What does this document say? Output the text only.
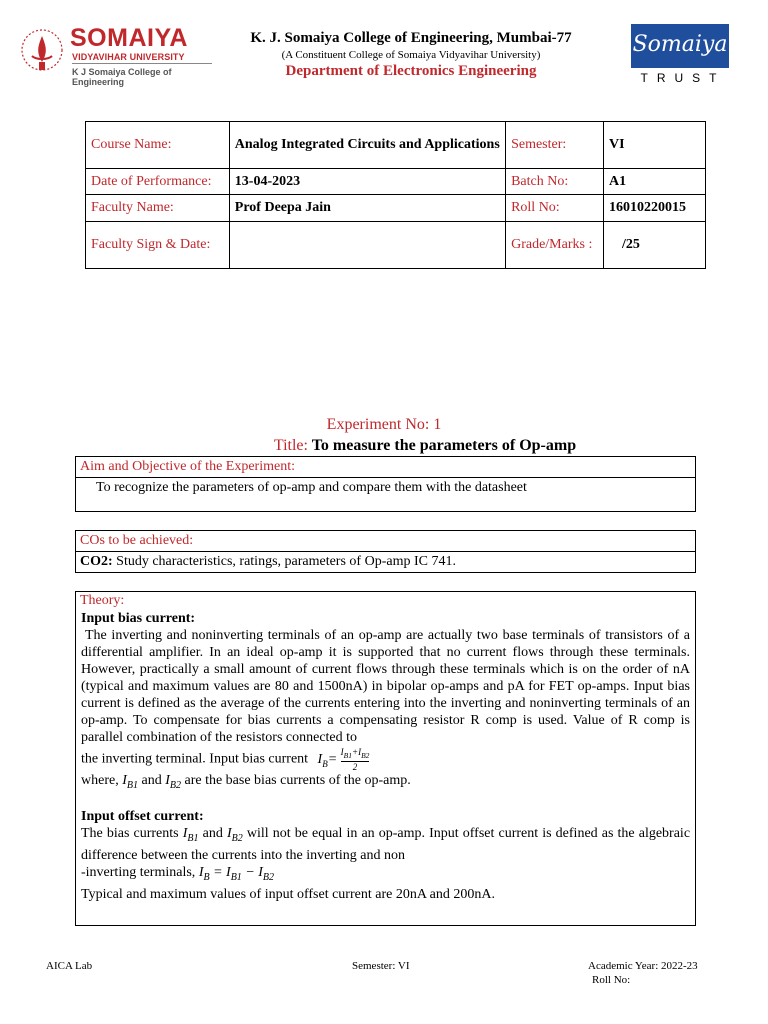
SOMAIYA
VIDYAVIHAR UNIVERSITY
K J Somaiya College of Engineering
K. J. Somaiya College of Engineering, Mumbai-77
(A Constituent College of Somaiya Vidyavihar University)
Department of Electronics Engineering
Somaiya
TRUST
Course Name:	Analog Integrated Circuits and Applications	Semester:	VI
Date of Performance:	13-04-2023	Batch No:	A1
Faculty Name:	Prof Deepa Jain	Roll No:	16010220015
Faculty Sign & Date:		Grade/Marks :	/25
Experiment No: 1
Title: To measure the parameters of Op-amp
Aim and Objective of the Experiment:
To recognize the parameters of op-amp and compare them with the datasheet
COs to be achieved:
CO2: Study characteristics, ratings, parameters of Op-amp IC 741.
Theory:
Input bias current:
The inverting and noninverting terminals of an op-amp are actually two base terminals of transistors of a differential amplifier. In an ideal op-amp it is supported that no current flows through these terminals. However, practically a small amount of current flows through these terminals which is on the order of nA (typical and maximum values are 80 and 1500nA) in bipolar op-amps and pA for FET op-amps. Input bias current is defined as the average of the currents entering into the inverting and noninverting terminals of an op-amp. To compensate for bias currents a compensating resistor R comp is used. Value of R comp is parallel combination of the resistors connected to
the inverting terminal. Input bias current $I_B= \frac{I_{B1}+I_{B2}}{2}$
where, $I_{B1}$ and $I_{B2}$ are the base bias currents of the op-amp.
Input offset current:
The bias currents $I_{B1}$ and $I_{B2}$ will not be equal in an op-amp. Input offset current is defined as the algebraic difference between the currents into the inverting and non
-inverting terminals, $I_B = I_{B1} - I_{B2}$
Typical and maximum values of input offset current are 20nA and 200nA.
AICA Lab	Semester: VI	Academic Year: 2022-23
Roll No:
